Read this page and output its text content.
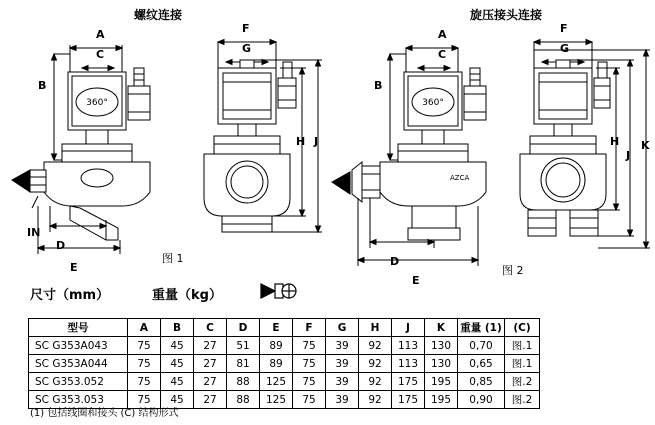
螺纹连接	旋压接头连接
360°
A
C
B
IN
D
E
图 1
F
G
H J
360°
AZCA
A
C
B
D
E
图 2
F
G
H
J
K
尺寸（mm）	重量（kg）
型号	A	B	C	D	E	F	G	H	J	K	重量 (1)	(C)
SC G353A043	75	45	27	51	89	75	39	92	113	130	0,70	图.1
SC G353A044	75	45	27	81	89	75	39	92	113	130	0,65	图.1
SC G353.052	75	45	27	88	125	75	39	92	175	195	0,85	图.2
SC G353.053	75	45	27	88	125	75	39	92	175	195	0,90	图.2
(1) 包括线圈和接头 (C) 结构形式
